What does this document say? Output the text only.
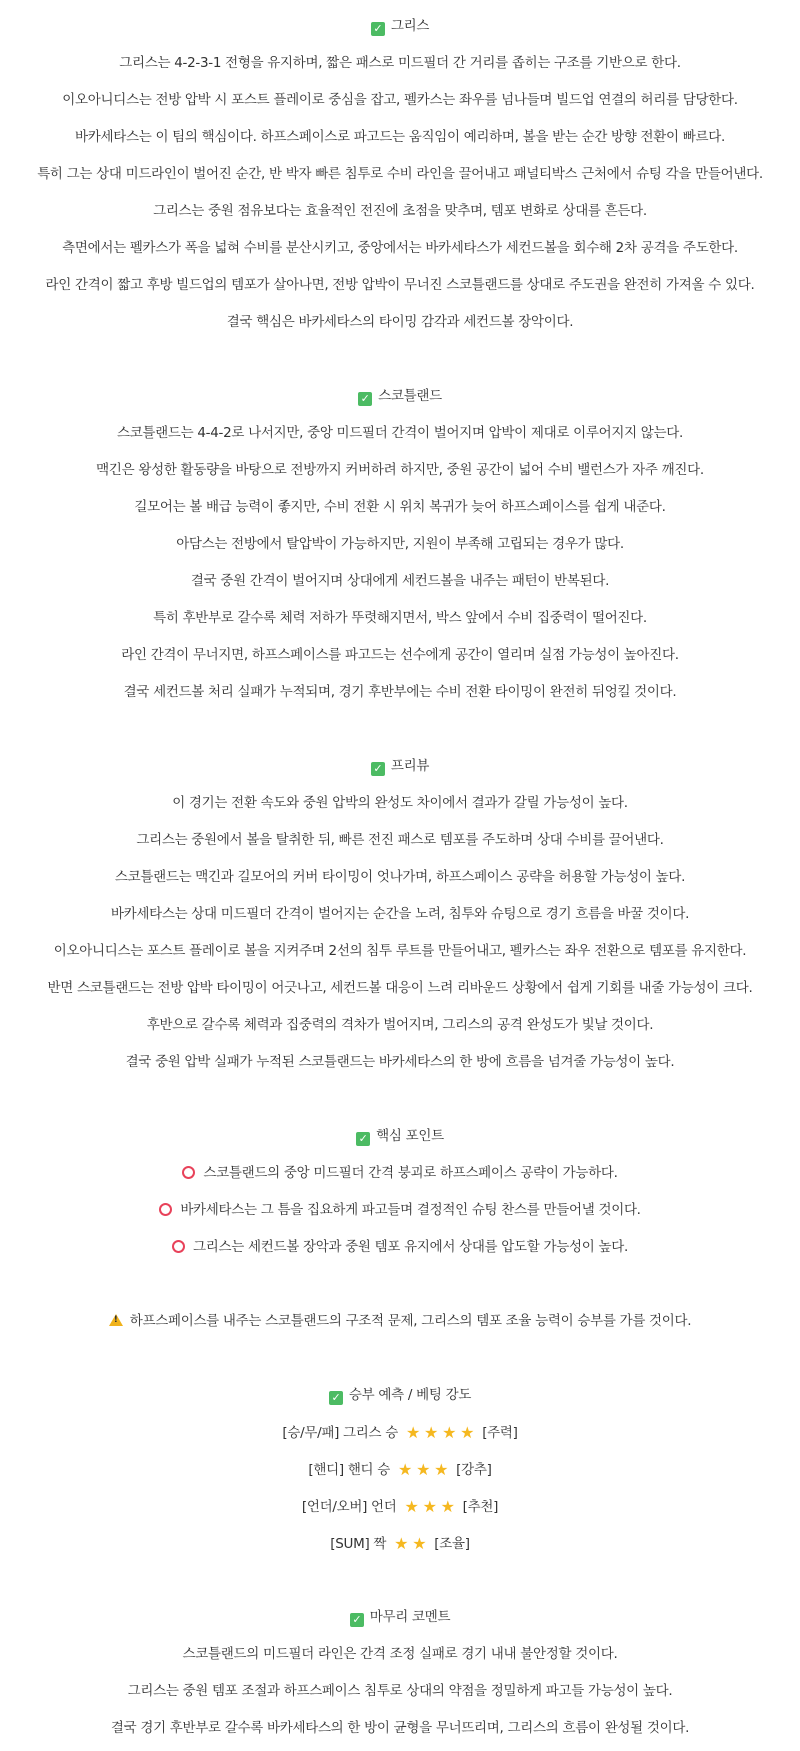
✓ 그리스
그리스는 4-2-3-1 전형을 유지하며, 짧은 패스로 미드필더 간 거리를 좁히는 구조를 기반으로 한다.
이오아니디스는 전방 압박 시 포스트 플레이로 중심을 잡고, 펠카스는 좌우를 넘나들며 빌드업 연결의 허리를 담당한다.
바카세타스는 이 팀의 핵심이다. 하프스페이스로 파고드는 움직임이 예리하며, 볼을 받는 순간 방향 전환이 빠르다.
특히 그는 상대 미드라인이 벌어진 순간, 반 박자 빠른 침투로 수비 라인을 끌어내고 패널티박스 근처에서 슈팅 각을 만들어낸다.
그리스는 중원 점유보다는 효율적인 전진에 초점을 맞추며, 템포 변화로 상대를 흔든다.
측면에서는 펠카스가 폭을 넓혀 수비를 분산시키고, 중앙에서는 바카세타스가 세컨드볼을 회수해 2차 공격을 주도한다.
라인 간격이 짧고 후방 빌드업의 템포가 살아나면, 전방 압박이 무너진 스코틀랜드를 상대로 주도권을 완전히 가져올 수 있다.
결국 핵심은 바카세타스의 타이밍 감각과 세컨드볼 장악이다.
✓ 스코틀랜드
스코틀랜드는 4-4-2로 나서지만, 중앙 미드필더 간격이 벌어지며 압박이 제대로 이루어지지 않는다.
맥긴은 왕성한 활동량을 바탕으로 전방까지 커버하려 하지만, 중원 공간이 넓어 수비 밸런스가 자주 깨진다.
길모어는 볼 배급 능력이 좋지만, 수비 전환 시 위치 복귀가 늦어 하프스페이스를 쉽게 내준다.
아담스는 전방에서 탈압박이 가능하지만, 지원이 부족해 고립되는 경우가 많다.
결국 중원 간격이 벌어지며 상대에게 세컨드볼을 내주는 패턴이 반복된다.
특히 후반부로 갈수록 체력 저하가 뚜렷해지면서, 박스 앞에서 수비 집중력이 떨어진다.
라인 간격이 무너지면, 하프스페이스를 파고드는 선수에게 공간이 열리며 실점 가능성이 높아진다.
결국 세컨드볼 처리 실패가 누적되며, 경기 후반부에는 수비 전환 타이밍이 완전히 뒤엉킬 것이다.
✓ 프리뷰
이 경기는 전환 속도와 중원 압박의 완성도 차이에서 결과가 갈릴 가능성이 높다.
그리스는 중원에서 볼을 탈취한 뒤, 빠른 전진 패스로 템포를 주도하며 상대 수비를 끌어낸다.
스코틀랜드는 맥긴과 길모어의 커버 타이밍이 엇나가며, 하프스페이스 공략을 허용할 가능성이 높다.
바카세타스는 상대 미드필더 간격이 벌어지는 순간을 노려, 침투와 슈팅으로 경기 흐름을 바꿀 것이다.
이오아니디스는 포스트 플레이로 볼을 지켜주며 2선의 침투 루트를 만들어내고, 펠카스는 좌우 전환으로 템포를 유지한다.
반면 스코틀랜드는 전방 압박 타이밍이 어긋나고, 세컨드볼 대응이 느려 리바운드 상황에서 쉽게 기회를 내줄 가능성이 크다.
후반으로 갈수록 체력과 집중력의 격차가 벌어지며, 그리스의 공격 완성도가 빛날 것이다.
결국 중원 압박 실패가 누적된 스코틀랜드는 바카세타스의 한 방에 흐름을 넘겨줄 가능성이 높다.
✓ 핵심 포인트
스코틀랜드의 중앙 미드필더 간격 붕괴로 하프스페이스 공략이 가능하다.
바카세타스는 그 틈을 집요하게 파고들며 결정적인 슈팅 찬스를 만들어낼 것이다.
그리스는 세컨드볼 장악과 중원 템포 유지에서 상대를 압도할 가능성이 높다.
!하프스페이스를 내주는 스코틀랜드의 구조적 문제, 그리스의 템포 조율 능력이 승부를 가를 것이다.
✓ 승부 예측 / 베팅 강도
[승/무/패] 그리스 승 ★ ★ ★ ★ [주력]
[핸디] 핸디 승 ★ ★ ★ [강추]
[언더/오버] 언더 ★ ★ ★ [추천]
[SUM] 짝 ★ ★ [조율]
✓ 마무리 코멘트
스코틀랜드의 미드필더 라인은 간격 조정 실패로 경기 내내 불안정할 것이다.
그리스는 중원 템포 조절과 하프스페이스 침투로 상대의 약점을 정밀하게 파고들 가능성이 높다.
결국 경기 후반부로 갈수록 바카세타스의 한 방이 균형을 무너뜨리며, 그리스의 흐름이 완성될 것이다.
